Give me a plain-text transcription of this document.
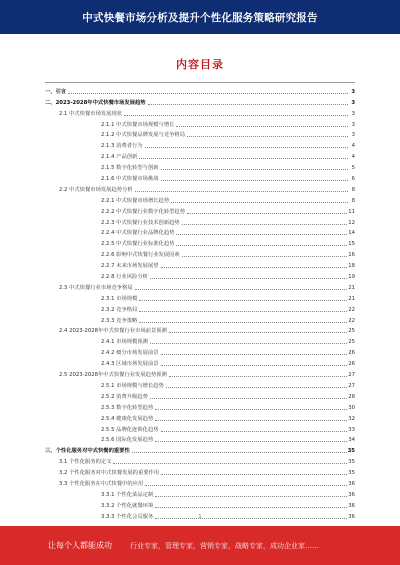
中式快餐市场分析及提升个性化服务策略研究报告
内容目录
一、引言	3
二、2023-2028年中式快餐市场发展趋势	3
2.1 中式快餐市场发展现状	3
2.1.1 中式快餐市场规模与增长	3
2.1.2 中式快餐品牌发展与竞争格局	3
2.1.3 消费者行为	4
2.1.4 产品创新	4
2.1.5 数字化转型与创新	5
2.1.6 中式快餐市场挑战	6
2.2 中式快餐市场发展趋势分析	8
2.2.1 中式快餐市场增长趋势	8
2.2.2 中式快餐行业数字化转型趋势	11
2.2.3 中式快餐行业技术创新趋势	12
2.2.4 中式快餐行业品牌化趋势	14
2.2.5 中式快餐行业标准化趋势	15
2.2.6 影响中式快餐行业发展因素	16
2.2.7 未来市场发展展望	18
2.2.8 行业风险分析	19
2.3 中式快餐行业市场竞争格局	21
2.3.1 市场规模	21
2.3.2 竞争格局	22
2.3.3 竞争策略	22
2.4 2023-2028年中式快餐行业市场前景预测	25
2.4.1 市场规模预测	25
2.4.2 细分市场发展前景	26
2.4.3 区域市场发展前景	26
2.5 2023-2028年中式快餐行业发展趋势预测	27
2.5.1 市场规模与增长趋势	27
2.5.2 消费升级趋势	28
2.5.3 数字化转型趋势	30
2.5.4 健康化发展趋势	32
2.5.5 品牌化连锁化趋势	33
2.5.6 国际化发展趋势	34
三、个性化服务对中式快餐的重要性	35
3.1 个性化服务的定义	35
3.2 个性化服务对中式快餐发展的重要作用	35
3.3 个性化服务在中式快餐中的应用	36
3.3.1 个性化菜品定制	36
3.3.2 个性化就餐环境	36
3.3.3 个性化会员服务	36
1
让每个人都能成功	行业专家，管理专家，营销专家，战略专家，成功企业家……
